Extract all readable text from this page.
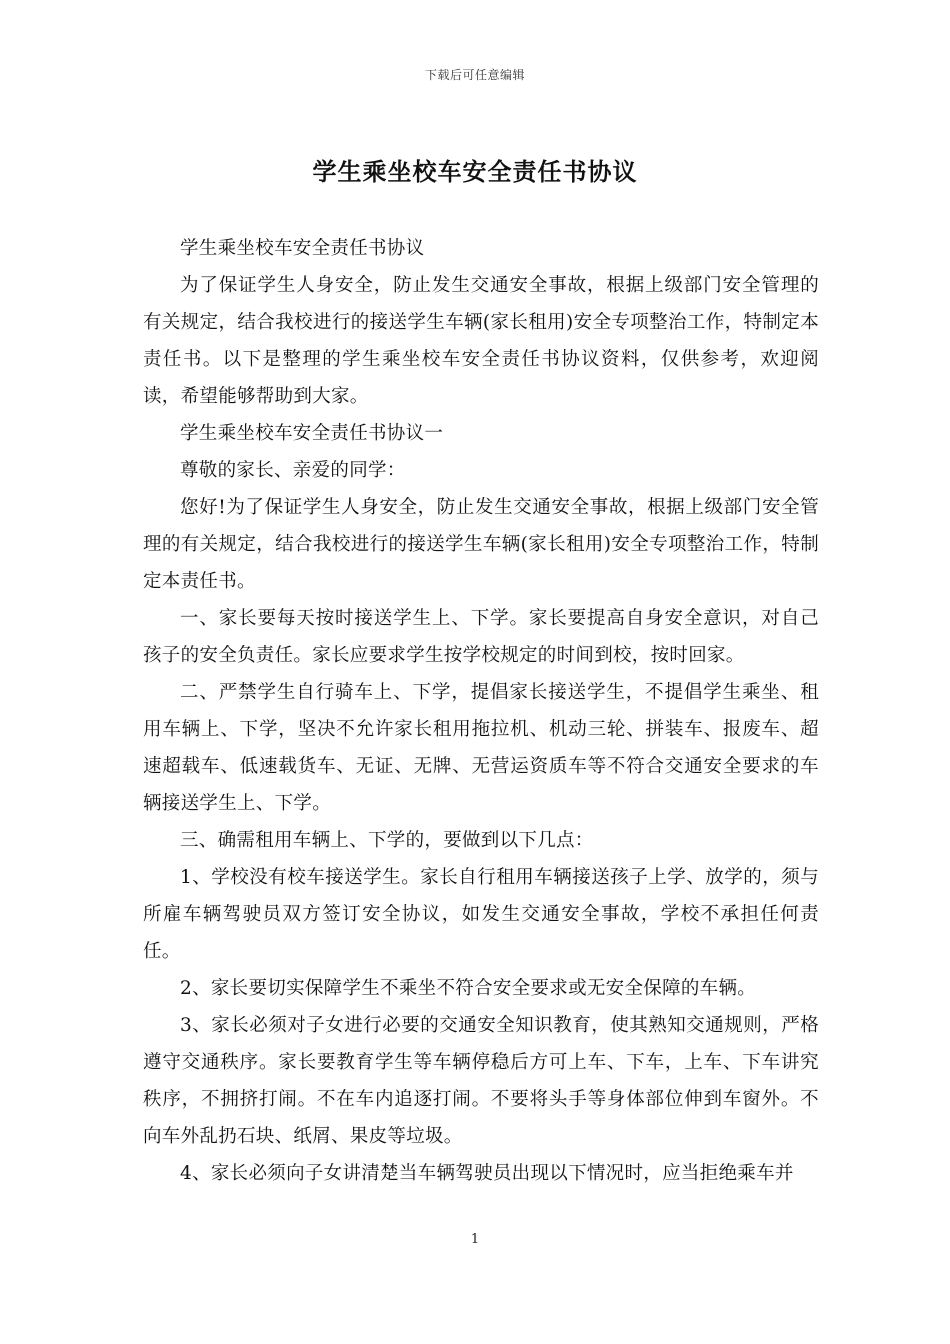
下载后可任意编辑
学生乘坐校车安全责任书协议

学生乘坐校车安全责任书协议

为了保证学生人身安全，防止发生交通安全事故，根据上级部门安全管理的有关规定，结合我校进行的接送学生车辆(家长租用)安全专项整治工作，特制定本责任书。以下是整理的学生乘坐校车安全责任书协议资料，仅供参考，欢迎阅读，希望能够帮助到大家。

学生乘坐校车安全责任书协议一

尊敬的家长、亲爱的同学：

您好!为了保证学生人身安全，防止发生交通安全事故，根据上级部门安全管理的有关规定，结合我校进行的接送学生车辆(家长租用)安全专项整治工作，特制定本责任书。

一、家长要每天按时接送学生上、下学。家长要提高自身安全意识，对自己孩子的安全负责任。家长应要求学生按学校规定的时间到校，按时回家。

二、严禁学生自行骑车上、下学，提倡家长接送学生，不提倡学生乘坐、租用车辆上、下学，坚决不允许家长租用拖拉机、机动三轮、拼装车、报废车、超速超载车、低速载货车、无证、无牌、无营运资质车等不符合交通安全要求的车辆接送学生上、下学。

三、确需租用车辆上、下学的，要做到以下几点：

1、学校没有校车接送学生。家长自行租用车辆接送孩子上学、放学的，须与所雇车辆驾驶员双方签订安全协议，如发生交通安全事故，学校不承担任何责任。

2、家长要切实保障学生不乘坐不符合安全要求或无安全保障的车辆。

3、家长必须对子女进行必要的交通安全知识教育，使其熟知交通规则，严格遵守交通秩序。家长要教育学生等车辆停稳后方可上车、下车，上车、下车讲究秩序，不拥挤打闹。不在车内追逐打闹。不要将头手等身体部位伸到车窗外。不向车外乱扔石块、纸屑、果皮等垃圾。

4、家长必须向子女讲清楚当车辆驾驶员出现以下情况时，应当拒绝乘车并

1
